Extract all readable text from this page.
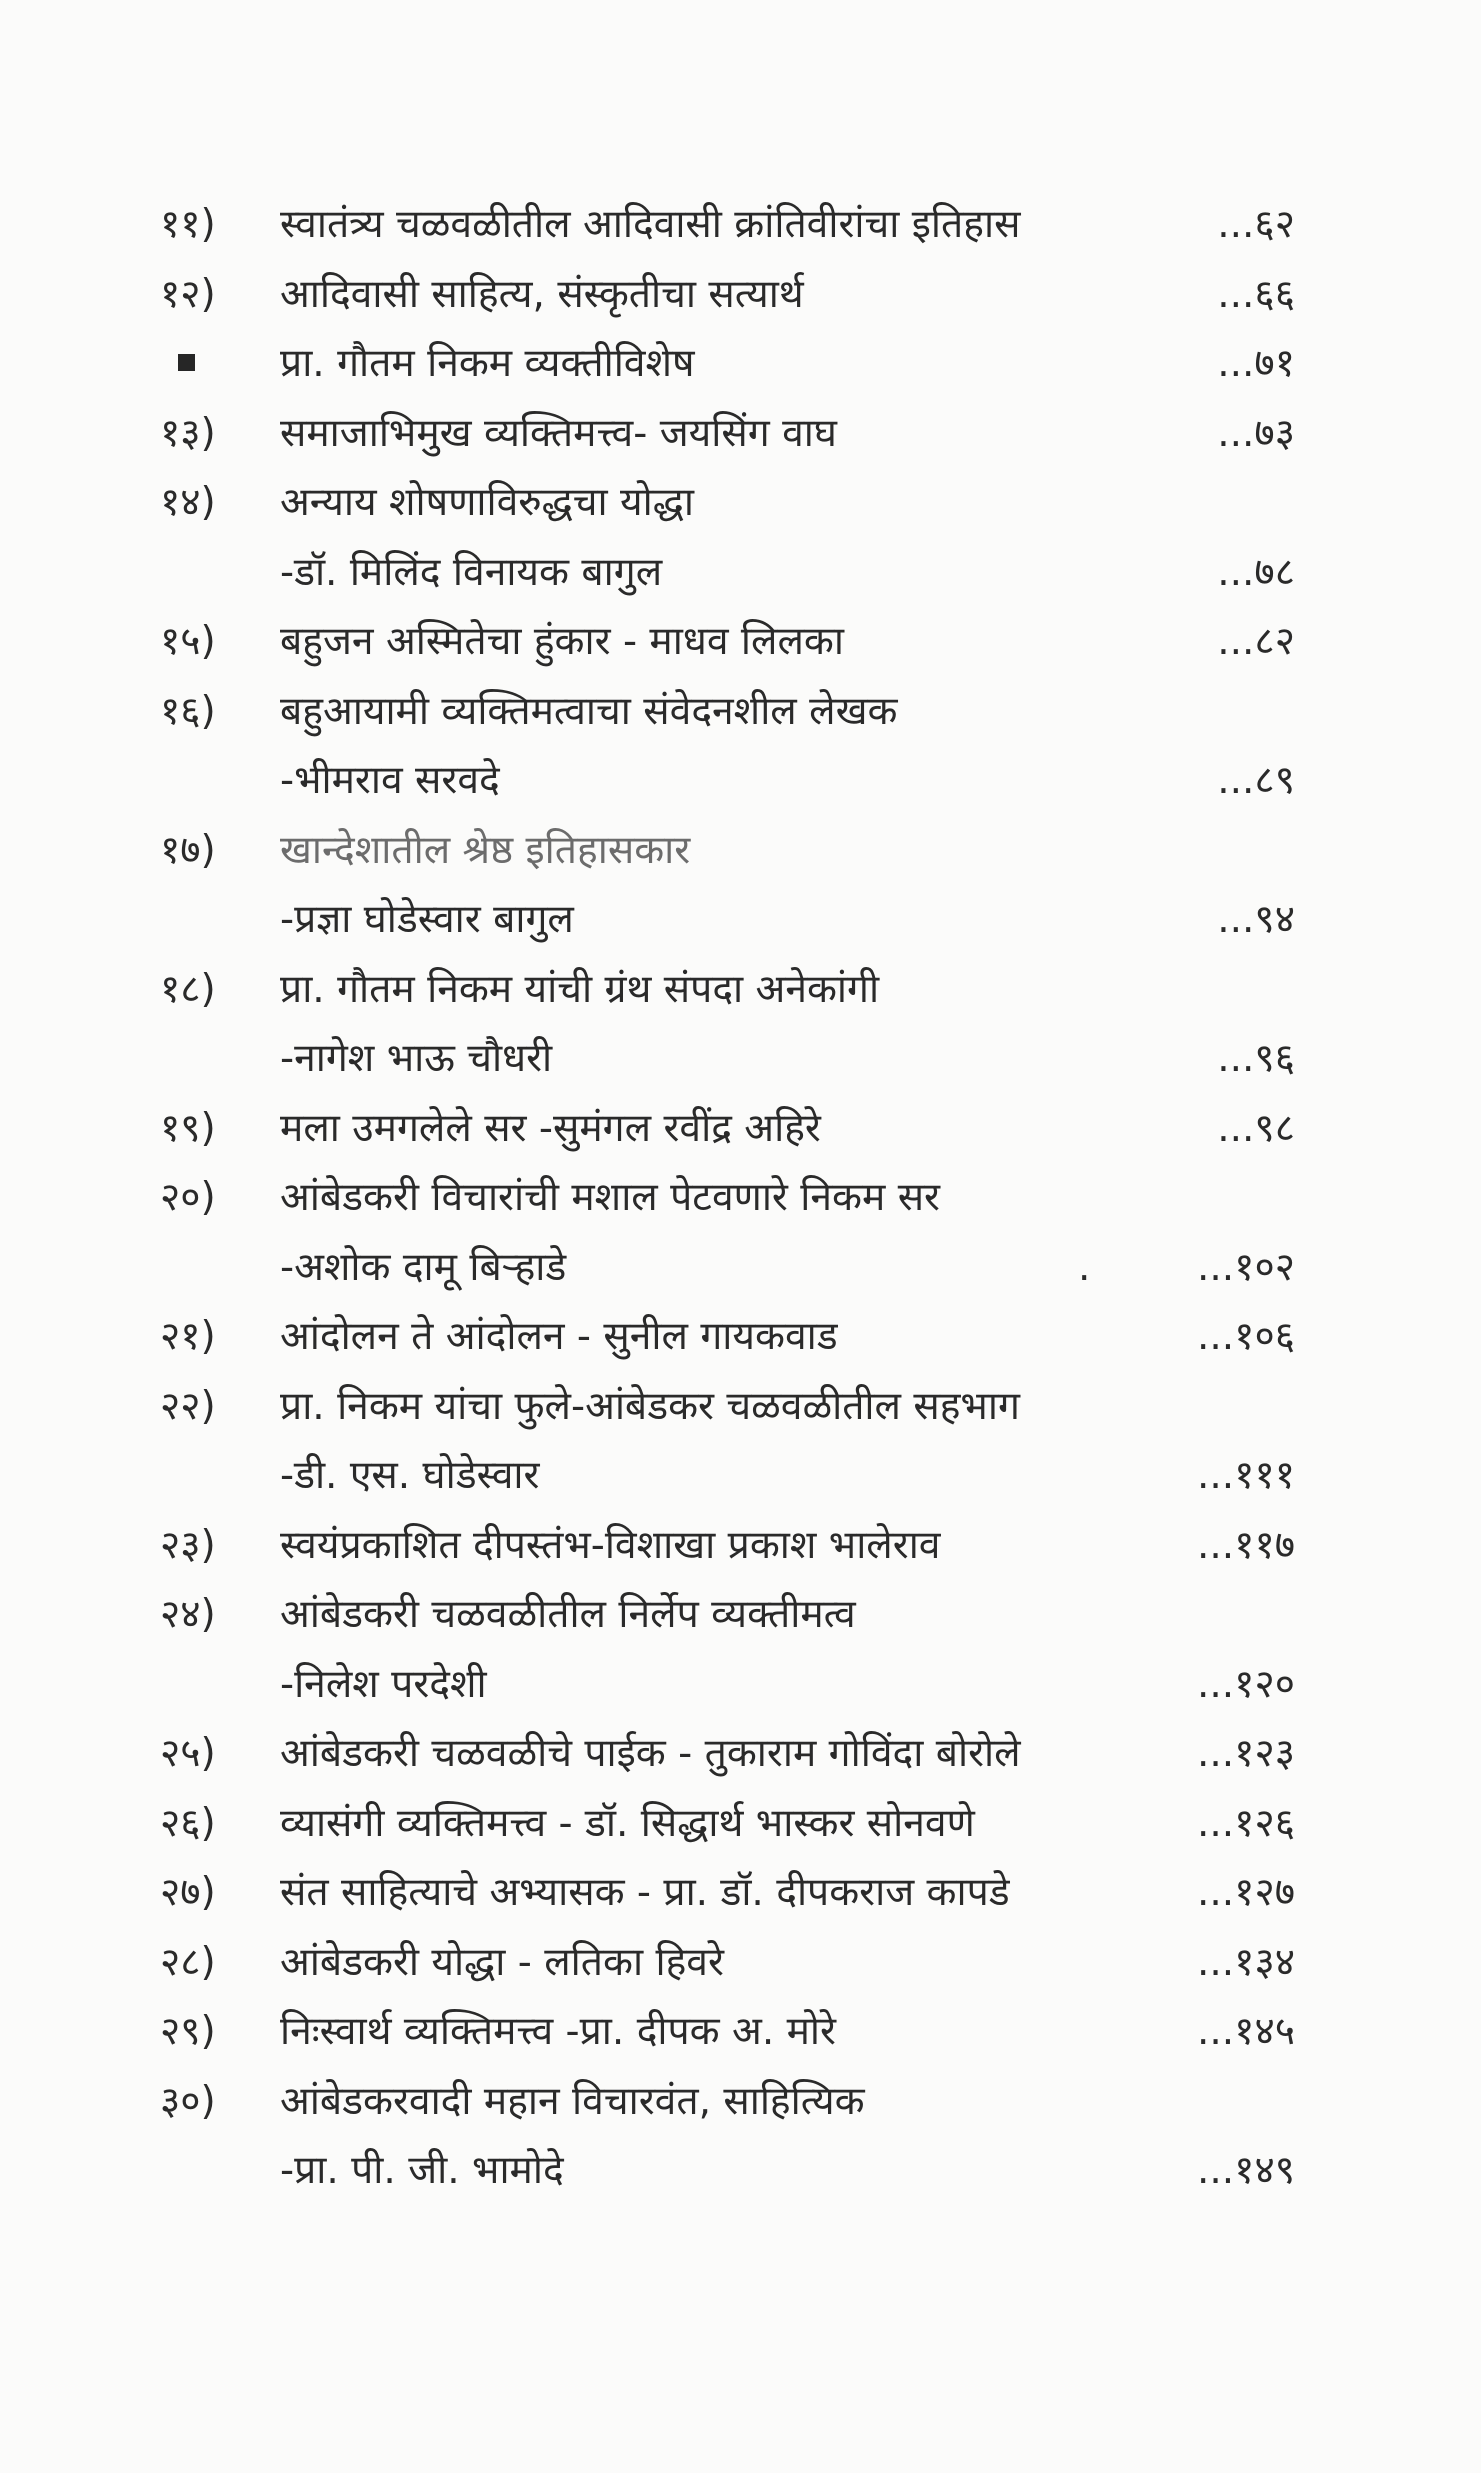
११)	स्वातंत्र्य चळवळीतील आदिवासी क्रांतिवीरांचा इतिहास	...६२
१२)	आदिवासी साहित्य, संस्कृतीचा सत्यार्थ	...६६
प्रा. गौतम निकम व्यक्तीविशेष	...७१
१३)	समाजाभिमुख व्यक्तिमत्त्व- जयसिंग वाघ	...७३
१४)	अन्याय शोषणाविरुद्धचा योद्धा
-डॉ. मिलिंद विनायक बागुल	...७८
१५)	बहुजन अस्मितेचा हुंकार - माधव लिलका	...८२
१६)	बहुआयामी व्यक्तिमत्वाचा संवेदनशील लेखक
-भीमराव सरवदे	...८९
१७)	खान्देशातील श्रेष्ठ इतिहासकार
-प्रज्ञा घोडेस्वार बागुल	...९४
१८)	प्रा. गौतम निकम यांची ग्रंथ संपदा अनेकांगी
-नागेश भाऊ चौधरी	...९६
१९)	मला उमगलेले सर -सुमंगल रवींद्र अहिरे	...९८
२०)	आंबेडकरी विचारांची मशाल पेटवणारे निकम सर
-अशोक दामू बिऱ्हाडे	.	...१०२
२१)	आंदोलन ते आंदोलन - सुनील गायकवाड	...१०६
२२)	प्रा. निकम यांचा फुले-आंबेडकर चळवळीतील सहभाग
-डी. एस. घोडेस्वार	...१११
२३)	स्वयंप्रकाशित दीपस्तंभ-विशाखा प्रकाश भालेराव	...११७
२४)	आंबेडकरी चळवळीतील निर्लेप व्यक्तीमत्व
-निलेश परदेशी	...१२०
२५)	आंबेडकरी चळवळीचे पाईक - तुकाराम गोविंदा बोरोले	...१२३
२६)	व्यासंगी व्यक्तिमत्त्व - डॉ. सिद्धार्थ भास्कर सोनवणे	...१२६
२७)	संत साहित्याचे अभ्यासक - प्रा. डॉ. दीपकराज कापडे	...१२७
२८)	आंबेडकरी योद्धा - लतिका हिवरे	...१३४
२९)	निःस्वार्थ व्यक्तिमत्त्व -प्रा. दीपक अ. मोरे	...१४५
३०)	आंबेडकरवादी महान विचारवंत, साहित्यिक
-प्रा. पी. जी. भामोदे	...१४९
